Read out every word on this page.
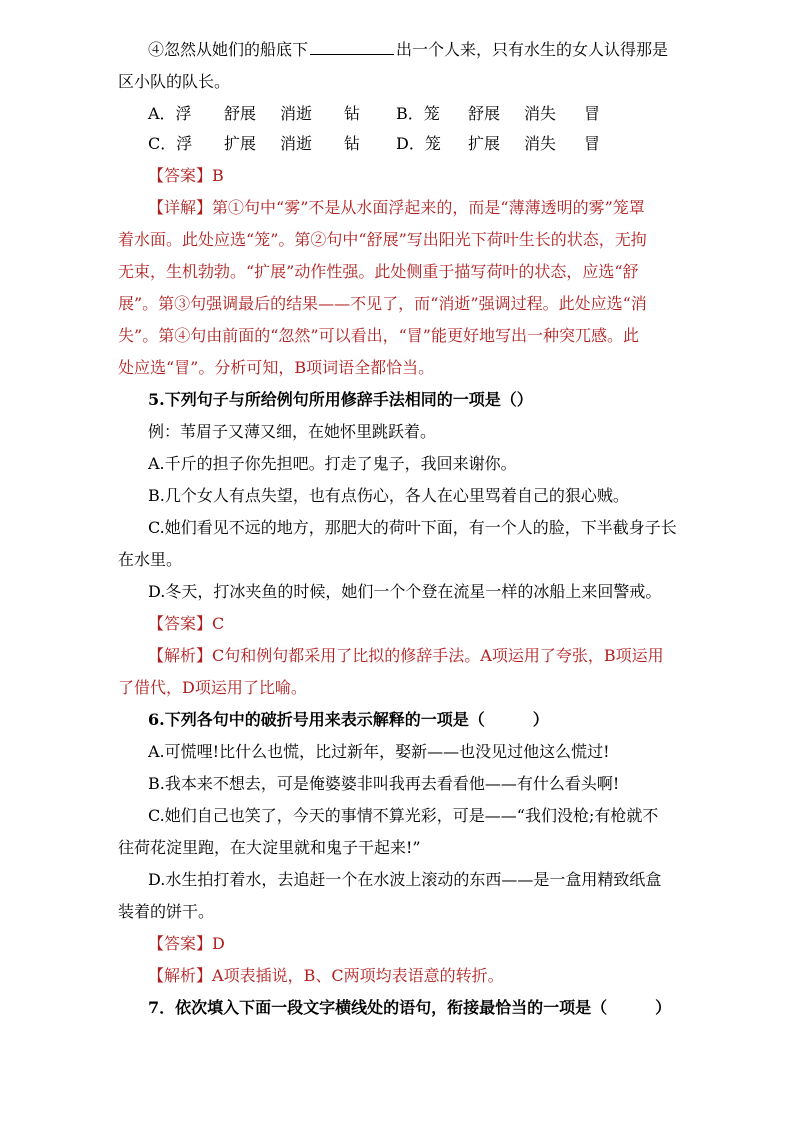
④忽然从她们的船底下	出一个人来，只有水生的女人认得那是
区小队的队长。
A．浮 舒展 消逝 钻 B．笼 舒展 消失 冒
C．浮 扩展 消逝 钻 D．笼 扩展 消失 冒
【答案】B
【详解】第①句中“雾”不是从水面浮起来的，而是“薄薄透明的雾”笼罩
着水面。此处应选“笼”。第②句中“舒展”写出阳光下荷叶生长的状态，无拘
无束，生机勃勃。“扩展”动作性强。此处侧重于描写荷叶的状态，应选“舒
展”。第③句强调最后的结果——不见了，而“消逝”强调过程。此处应选“消
失”。第④句由前面的“忽然”可以看出，“冒”能更好地写出一种突兀感。此
处应选“冒”。分析可知，B项词语全都恰当。
5.下列句子与所给例句所用修辞手法相同的一项是（）
例：苇眉子又薄又细，在她怀里跳跃着。
A.千斤的担子你先担吧。打走了鬼子，我回来谢你。
B.几个女人有点失望，也有点伤心，各人在心里骂着自己的狠心贼。
C.她们看见不远的地方，那肥大的荷叶下面，有一个人的脸，下半截身子长
在水里。
D.冬天，打冰夹鱼的时候，她们一个个登在流星一样的冰船上来回警戒。
【答案】C
【解析】C句和例句都采用了比拟的修辞手法。A项运用了夸张，B项运用
了借代，D项运用了比喻。
6.下列各句中的破折号用来表示解释的一项是（	）
A.可慌哩!比什么也慌，比过新年，娶新——也没见过他这么慌过!
B.我本来不想去，可是俺婆婆非叫我再去看看他——有什么看头啊!
C.她们自己也笑了，今天的事情不算光彩，可是——“我们没枪;有枪就不
往荷花淀里跑，在大淀里就和鬼子干起来!”
D.水生拍打着水，去追赶一个在水波上滚动的东西——是一盒用精致纸盒
装着的饼干。
【答案】D
【解析】A项表插说，B、C两项均表语意的转折。
7．依次填入下面一段文字横线处的语句，衔接最恰当的一项是（	）
